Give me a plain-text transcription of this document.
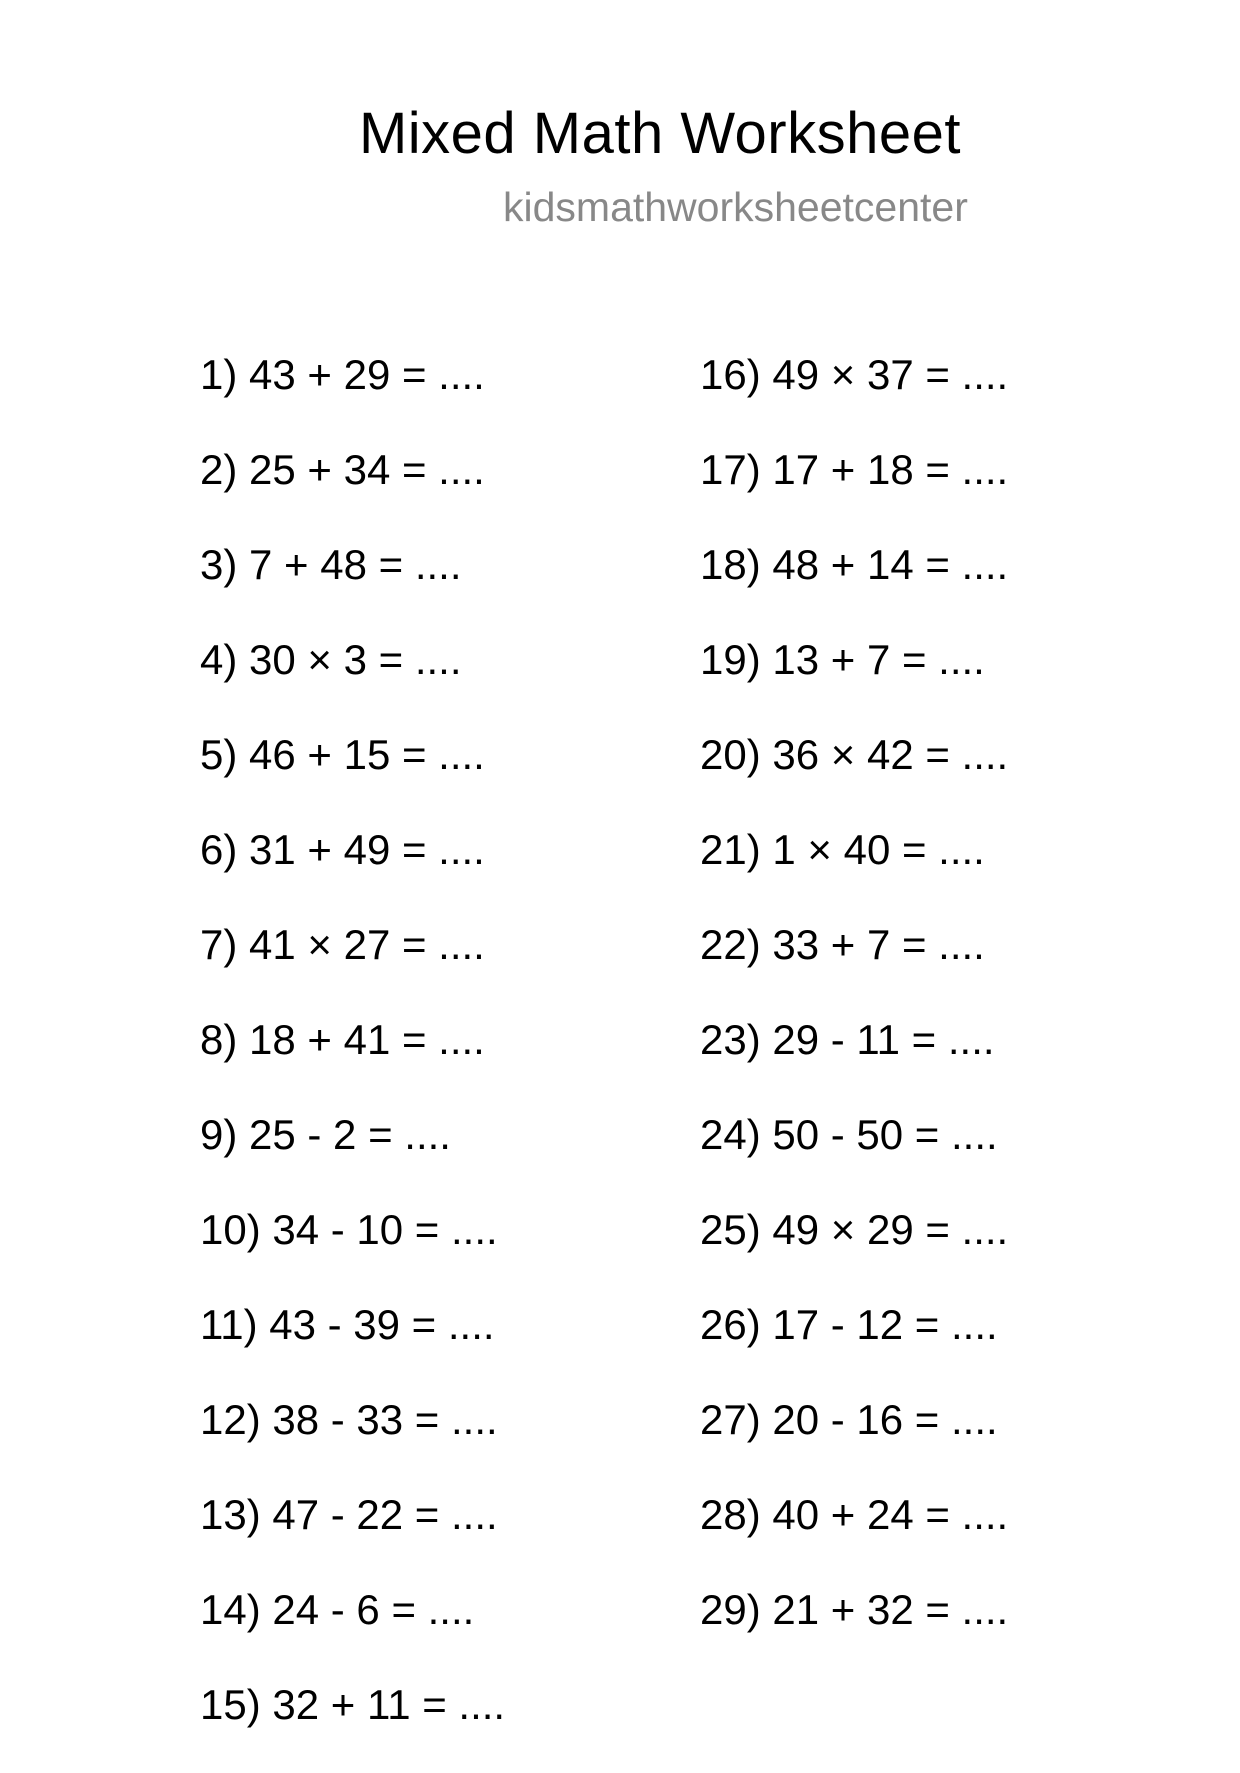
Mixed Math Worksheet
kidsmathworksheetcenter
1) 43 + 29 = ....
2) 25 + 34 = ....
3) 7 + 48 = ....
4) 30 × 3 = ....
5) 46 + 15 = ....
6) 31 + 49 = ....
7) 41 × 27 = ....
8) 18 + 41 = ....
9) 25 - 2 = ....
10) 34 - 10 = ....
11) 43 - 39 = ....
12) 38 - 33 = ....
13) 47 - 22 = ....
14) 24 - 6 = ....
15) 32 + 11 = ....
16) 49 × 37 = ....
17) 17 + 18 = ....
18) 48 + 14 = ....
19) 13 + 7 = ....
20) 36 × 42 = ....
21) 1 × 40 = ....
22) 33 + 7 = ....
23) 29 - 11 = ....
24) 50 - 50 = ....
25) 49 × 29 = ....
26) 17 - 12 = ....
27) 20 - 16 = ....
28) 40 + 24 = ....
29) 21 + 32 = ....
